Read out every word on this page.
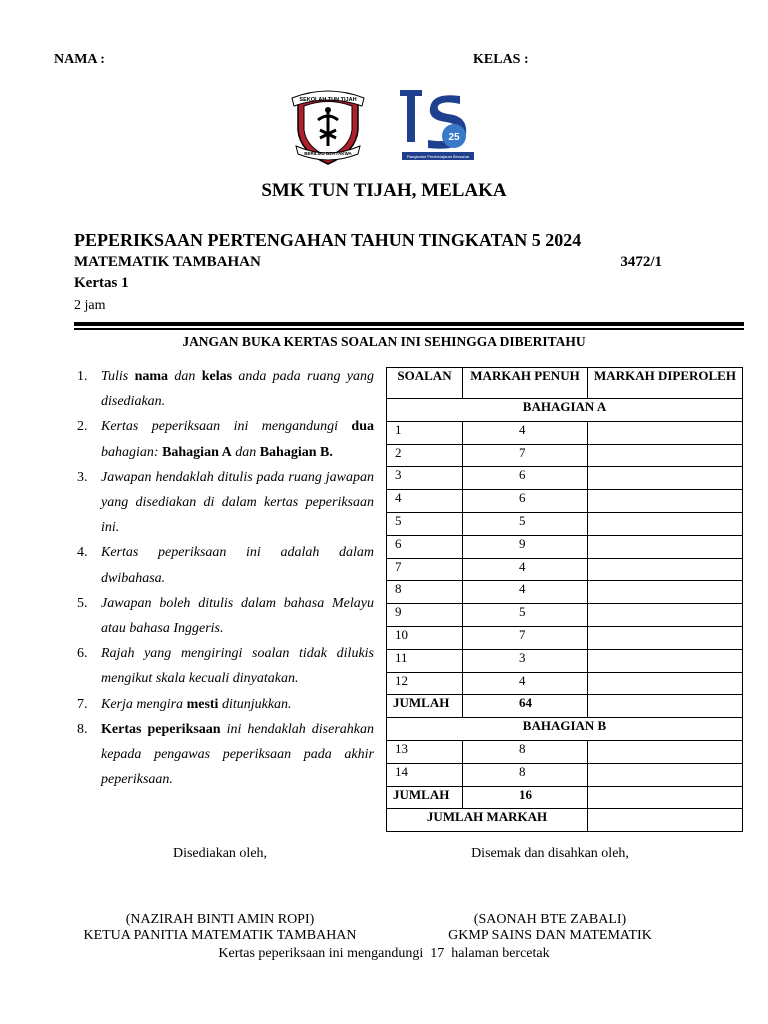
NAMA :	KELAS :
SEKOLAH TUN TIJAH
BERILMU BERTAKWA
25
Rangkaian Pembelajaran Bersama
SMK TUN TIJAH, MELAKA
PEPERIKSAAN PERTENGAHAN TAHUN TINGKATAN 5 2024
MATEMATIK TAMBAHAN	3472/1
Kertas 1
2 jam
JANGAN BUKA KERTAS SOALAN INI SEHINGGA DIBERITAHU
1. Tulis nama dan kelas anda pada ruang yang disediakan.
2. Kertas peperiksaan ini mengandungi dua bahagian: Bahagian A dan Bahagian B.
3. Jawapan hendaklah ditulis pada ruang jawapan yang disediakan di dalam kertas peperiksaan ini.
4. Kertas peperiksaan ini adalah dalam dwibahasa.
5. Jawapan boleh ditulis dalam bahasa Melayu atau bahasa Inggeris.
6. Rajah yang mengiringi soalan tidak dilukis mengikut skala kecuali dinyatakan.
7. Kerja mengira mesti ditunjukkan.
8. Kertas peperiksaan ini hendaklah diserahkan kepada pengawas peperiksaan pada akhir peperiksaan.
SOALAN	MARKAH PENUH	MARKAH DIPEROLEH
BAHAGIAN A		
1	4	
2	7	
3	6	
4	6	
5	5	
6	9	
7	4	
8	4	
9	5	
10	7	
11	3	
12	4	
JUMLAH	64	
BAHAGIAN B		
13	8	
14	8	
JUMLAH	16	
JUMLAH MARKAH		
Disediakan oleh,	Disemak dan disahkan oleh,
(NAZIRAH BINTI AMIN ROPI)
KETUA PANITIA MATEMATIK TAMBAHAN
(SAONAH BTE ZABALI)
GKMP SAINS DAN MATEMATIK
Kertas peperiksaan ini mengandungi  17  halaman bercetak
